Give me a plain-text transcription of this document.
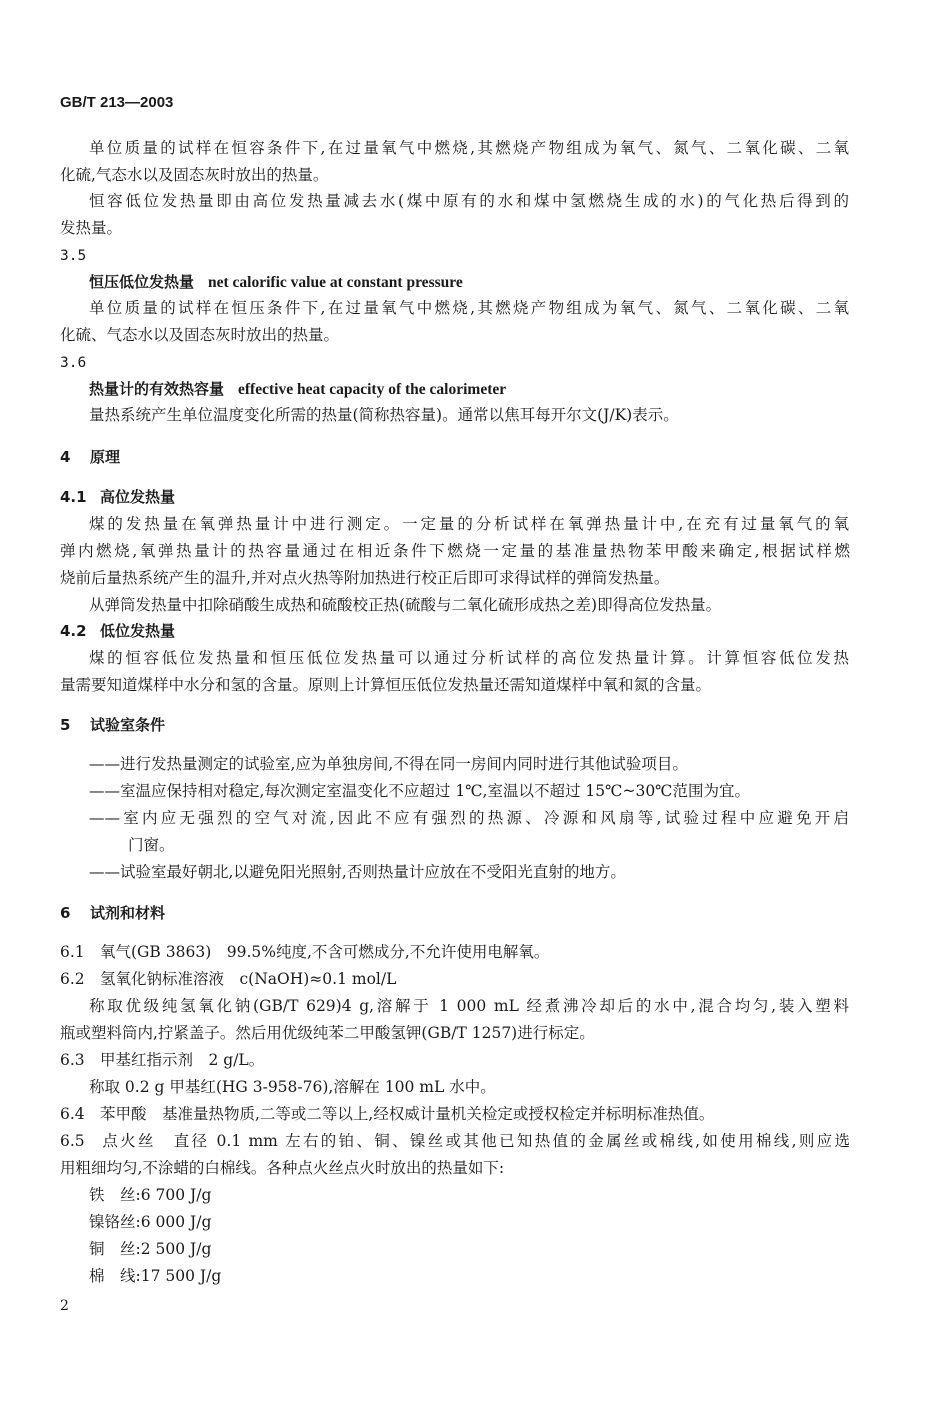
GB/T 213—2003
单位质量的试样在恒容条件下,在过量氧气中燃烧,其燃烧产物组成为氧气、氮气、二氧化碳、二氧
化硫,气态水以及固态灰时放出的热量。
恒容低位发热量即由高位发热量减去水(煤中原有的水和煤中氢燃烧生成的水)的气化热后得到的
发热量。
3.5
恒压低位发热量 net calorific value at constant pressure
单位质量的试样在恒压条件下,在过量氧气中燃烧,其燃烧产物组成为氧气、氮气、二氧化碳、二氧
化硫、气态水以及固态灰时放出的热量。
3.6
热量计的有效热容量 effective heat capacity of the calorimeter
量热系统产生单位温度变化所需的热量(简称热容量)。通常以焦耳每开尔文(J/K)表示。
4 原理
4.1 高位发热量
煤的发热量在氧弹热量计中进行测定。一定量的分析试样在氧弹热量计中,在充有过量氧气的氧
弹内燃烧,氧弹热量计的热容量通过在相近条件下燃烧一定量的基准量热物苯甲酸来确定,根据试样燃
烧前后量热系统产生的温升,并对点火热等附加热进行校正后即可求得试样的弹筒发热量。
从弹筒发热量中扣除硝酸生成热和硫酸校正热(硫酸与二氧化硫形成热之差)即得高位发热量。
4.2 低位发热量
煤的恒容低位发热量和恒压低位发热量可以通过分析试样的高位发热量计算。计算恒容低位发热
量需要知道煤样中水分和氢的含量。原则上计算恒压低位发热量还需知道煤样中氧和氮的含量。
5 试验室条件
——进行发热量测定的试验室,应为单独房间,不得在同一房间内同时进行其他试验项目。
——室温应保持相对稳定,每次测定室温变化不应超过 1℃,室温以不超过 15℃~30℃范围为宜。
——室内应无强烈的空气对流,因此不应有强烈的热源、冷源和风扇等,试验过程中应避免开启
门窗。
——试验室最好朝北,以避免阳光照射,否则热量计应放在不受阳光直射的地方。
6 试剂和材料
6.1 氧气(GB 3863)　99.5%纯度,不含可燃成分,不允许使用电解氧。
6.2 氢氧化钠标准溶液　c(NaOH)≈0.1 mol/L
称取优级纯氢氧化钠(GB/T 629)4 g,溶解于 1 000 mL 经煮沸冷却后的水中,混合均匀,装入塑料
瓶或塑料筒内,拧紧盖子。然后用优级纯苯二甲酸氢钾(GB/T 1257)进行标定。
6.3 甲基红指示剂　2 g/L。
称取 0.2 g 甲基红(HG 3-958-76),溶解在 100 mL 水中。
6.4 苯甲酸　基准量热物质,二等或二等以上,经权威计量机关检定或授权检定并标明标准热值。
6.5 点火丝　直径 0.1 mm 左右的铂、铜、镍丝或其他已知热值的金属丝或棉线,如使用棉线,则应选
用粗细均匀,不涂蜡的白棉线。各种点火丝点火时放出的热量如下:
铁　丝:6 700 J/g
镍铬丝:6 000 J/g
铜　丝:2 500 J/g
棉　线:17 500 J/g
2
